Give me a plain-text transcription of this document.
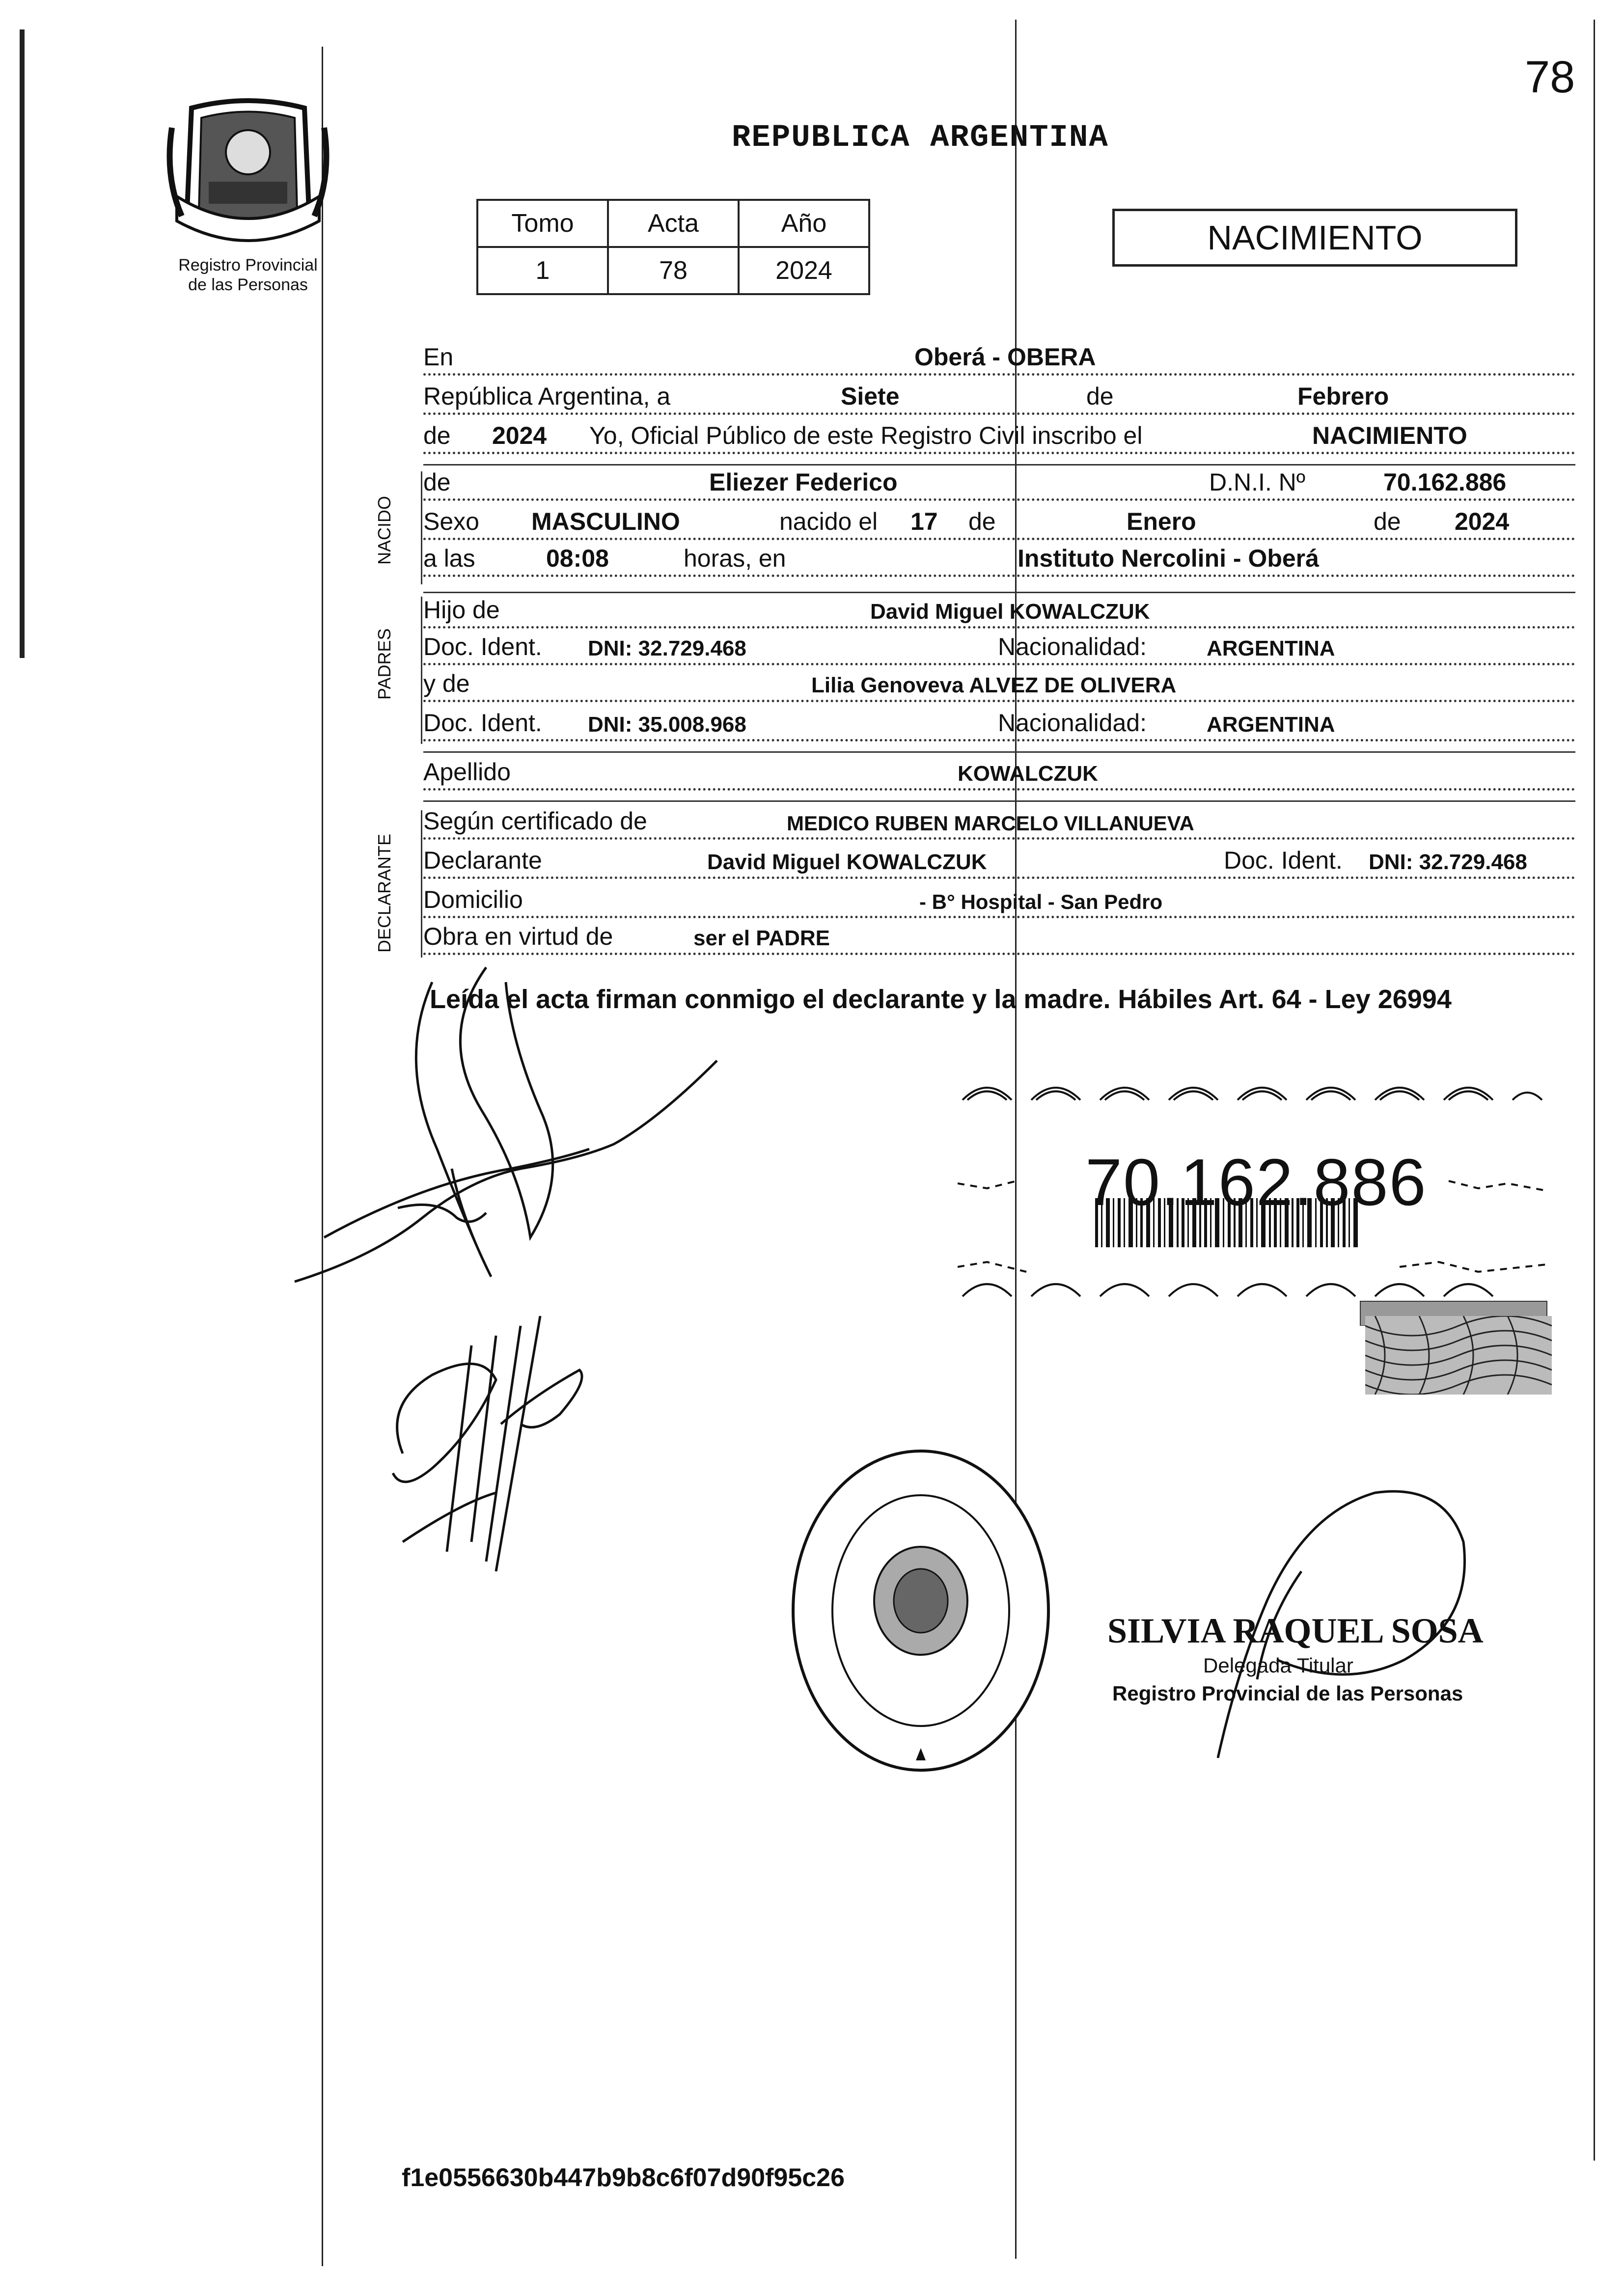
78
Registro Provincial
de las Personas
REPUBLICA ARGENTINA
Tomo	Acta	Año
1	78	2024
NACIMIENTO
En	Oberá - OBERA
República Argentina, a	Siete	de	Febrero
de 2024 Yo, Oficial Público de este Registro Civil inscribo el	NACIMIENTO
NACIDO
de	Eliezer Federico	D.N.I. Nº	70.162.886
Sexo MASCULINO	nacido el 17 de	Enero	de 2024
a las	08:08	horas, en	Instituto Nercolini - Oberá
PADRES
Hijo de	David Miguel KOWALCZUK
Doc. Ident. DNI: 32.729.468	Nacionalidad:	ARGENTINA
y de	Lilia Genoveva ALVEZ DE OLIVERA
Doc. Ident. DNI: 35.008.968	Nacionalidad:	ARGENTINA
Apellido	KOWALCZUK
DECLARANTE
Según certificado de	MEDICO RUBEN MARCELO VILLANUEVA
Declarante	David Miguel KOWALCZUK	Doc. Ident. DNI: 32.729.468
Domicilio	- B° Hospital - San Pedro
Obra en virtud de	ser el PADRE
Leída el acta firman conmigo el declarante y la madre. Hábiles Art. 64 - Ley 26994
70.162.886
SILVIA RAQUEL SOSA
Delegada Titular
Registro Provincial de las Personas
f1e0556630b447b9b8c6f07d90f95c26
